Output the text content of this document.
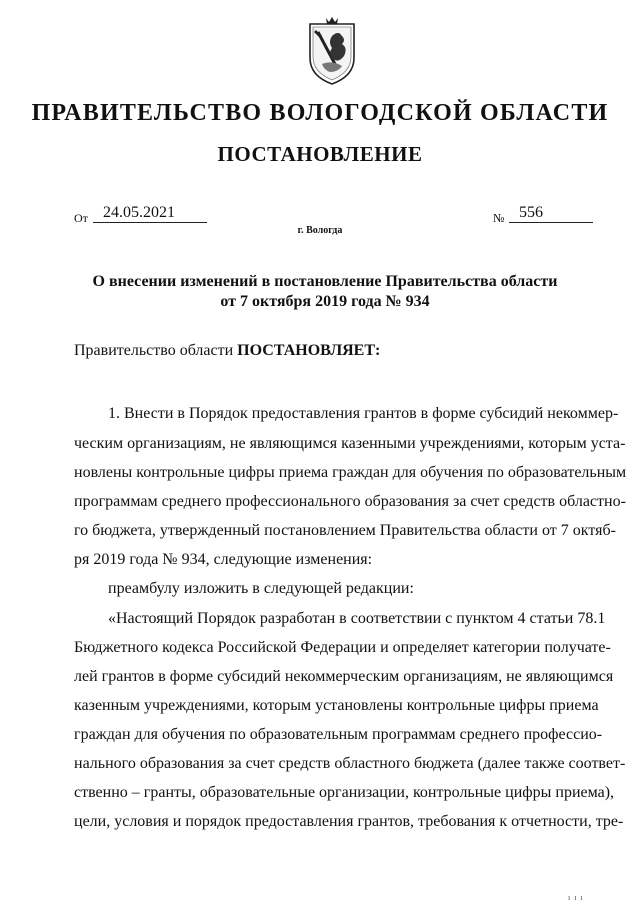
ПРАВИТЕЛЬСТВО ВОЛОГОДСКОЙ ОБЛАСТИ
ПОСТАНОВЛЕНИЕ
От 24.05.2021	№ 556
г. Вологда
О внесении изменений в постановление Правительства области
от 7 октября 2019 года № 934
Правительство области ПОСТАНОВЛЯЕТ:
1. Внести в Порядок предоставления грантов в форме субсидий некоммер-
ческим организациям, не являющимся казенными учреждениями, которым уста-
новлены контрольные цифры приема граждан для обучения по образовательным
программам среднего профессионального образования за счет средств областно-
го бюджета, утвержденный постановлением Правительства области от 7 октяб-
ря 2019 года № 934, следующие изменения:
преамбулу изложить в следующей редакции:
«Настоящий Порядок разработан в соответствии с пунктом 4 статьи 78.1
Бюджетного кодекса Российской Федерации и определяет категории получате-
лей грантов в форме субсидий некоммерческим организациям, не являющимся
казенным учреждениями, которым установлены контрольные цифры приема
граждан для обучения по образовательным программам среднего профессио-
нального образования за счет средств областного бюджета (далее также соответ-
ственно – гранты, образовательные организации, контрольные цифры приема),
цели, условия и порядок предоставления грантов, требования к отчетности, тре-
ı ı ı
